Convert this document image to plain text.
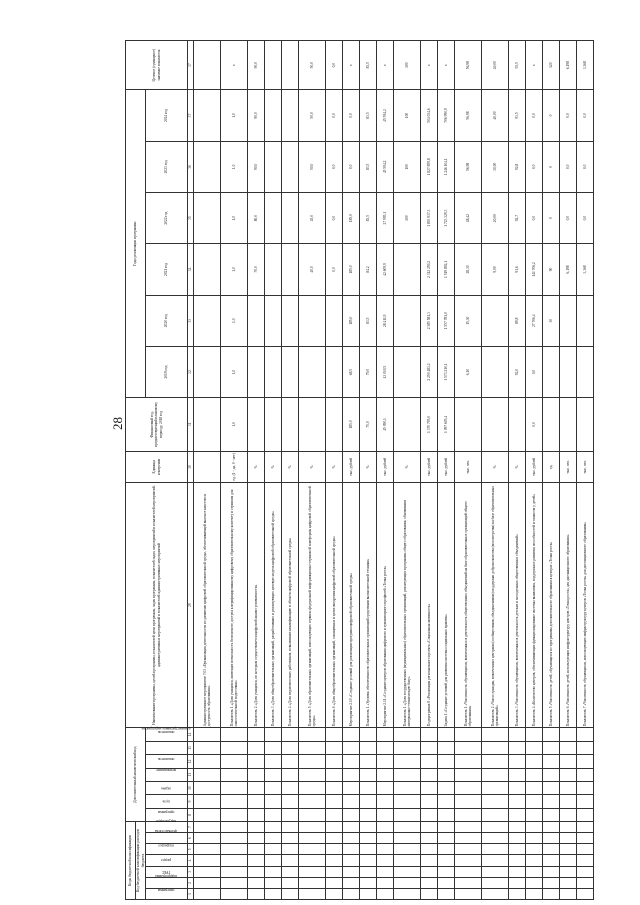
28
Коды бюджетной классификации							Дополнительный аналитический код							Наименование программы, целей программы, показателей цели программы, задач программы, показателей задач, мероприятий и показателей мероприятий, административных мероприятий и показателей административных мероприятий	Единица измерения	Финансовый год, предшествующий плановому периоду, 2018 год	Годы реализации программы						Целевое (суммарное) значение показателя
Код бюджетной классификации расходов бюджета																							
программа	подпрограмма	ГРБС	раздел	подраздел	целевая статья	вид расходов	программа	цель	задача	мероприятие	показатель	административное мероприятие	показатель				2019 год	2020 год	2021 год	2022 год	2023 год	2024 год	
1	2	3	4	5	6	7	8	9	10	11	12	13	14	29	30	31	32	33	34	35	36	37	37
														Административное мероприятие 7.03 «Организация деятельности по развитию цифровой образовательной среды, обеспечивающей высокое качество и доступность образования»									
														Показатель 1 «Доля учащихся, имеющих возможность бесплатного доступа к верифицированному цифровому образовательному контенту и сервисам для самостоятельной подготовки»	ед. (1 - да, 0 - нет)	1,0	1,0	1,0	1,0	1,0	1,0	1,0	х
														Показатель 2 «Доля учащихся, по которым осуществляется цифровой анализ успеваемости»	%				70,0	80,0	90,0	90,0	90,0
														Показатель 3 «Доля общеобразовательных организаций, разработавших и реализующих целевую модель цифровой образовательной среды»	%								
														Показатель 4 «Доля педагогических работников, повысивших квалификацию в области цифровой образовательной среды»	%								
														Показатель 5 «Доля образовательных организаций, использующих сервисы федеральной информационно-сервисной платформы цифровой образовательной среды»	%				40,0	45,0	50,0	50,0	50,0
														Показатель 6 «Доля общеобразовательных организаций, оснащенных в целях внедрения цифровой образовательной среды»	%				0,0	0,0	0,0	0,0	0,0
														Мероприятие 2.10 «Создание условий для реализации программ цифровой образовательной среды»	тыс. рублей	185,0	68,5	185,0	185,0	185,0	0,0	0,0	х
														Показатель 1 «Уровень обеспеченности образовательных организаций средствами вычислительной техники»	%	75,0	79,0	83,5	84,2	83,5	83,5	83,5	83,5
														Мероприятие 2.11 «Создание центров образования цифрового и гуманитарного профилей «Точка роста»	тыс. рублей	45 090,1	43 010,5	28 411,9	42 609,9	27 995,1	45 594,2	45 594,2	х
														Показатель 1 «Доля государственных (муниципальных) образовательных организаций, реализующих программы общего образования, обновивших материально-техническую базу»	%					100	100	100	100
														Подпрограмма 8 «Реализация регионального проекта «Социальная активность»	тыс. рублей	1 370 795,0	2 250 483,2	2 385 581,3	2 312 259,2	1 803 937,3	1 827 859,8	504 034,6	х
														Задача 1 «Создание условий для развития системы социальных практик»	тыс. рублей	1 097 605,4	1 573 210,1	1 557 781,0	1 519 892,1	1 723 329,3	1 246 104,1	706 990,9	х
														Показатель 1 «Численность обучающихся, вовлеченных в деятельность общественных объединений на базе образовательных организаций общего образования»	тыс. чел.		6,10	15,30	28,30	48,42	56,98	56,98	56,98
														Показатель 2 «Число граждан, вовлеченных центрами (сообществами, объединениями) поддержки добровольчества (волонтерства) на базе образовательных организаций»	%				9,00	20,00	30,00	40,00	40,00
														Показатель 3 «Численность обучающихся, вовлеченных в деятельность детских и молодежных общественных объединений»	%		92,0	89,8	91,6	92,7	92,8	93,5	93,5
														Показатель 4 «Количество центров, обеспечивающих функционирование системы выявления, поддержки и развития способностей и талантов у детей»	тыс. рублей	0,0	0,0	27 706,4	141 706,2	0,0	0,0	0,0	х
														Показатель 5 «Численность детей, обучающихся по программам дополнительного образования в центрах «Точка роста»	ед.			30	90	0	0	0	120
														Показатель 6 «Численность детей, использующих инфраструктуру центров «Точка роста» для дистанционного образования»	тыс. чел.				6,198	0,0	0,0	0,0	6,198
														Показатель 7 «Численность обучающихся, использующих инфраструктуру центров «Точка роста» для дистанционного образования»	тыс. чел.				3,368	0,0	0,0	0,0	3,368
